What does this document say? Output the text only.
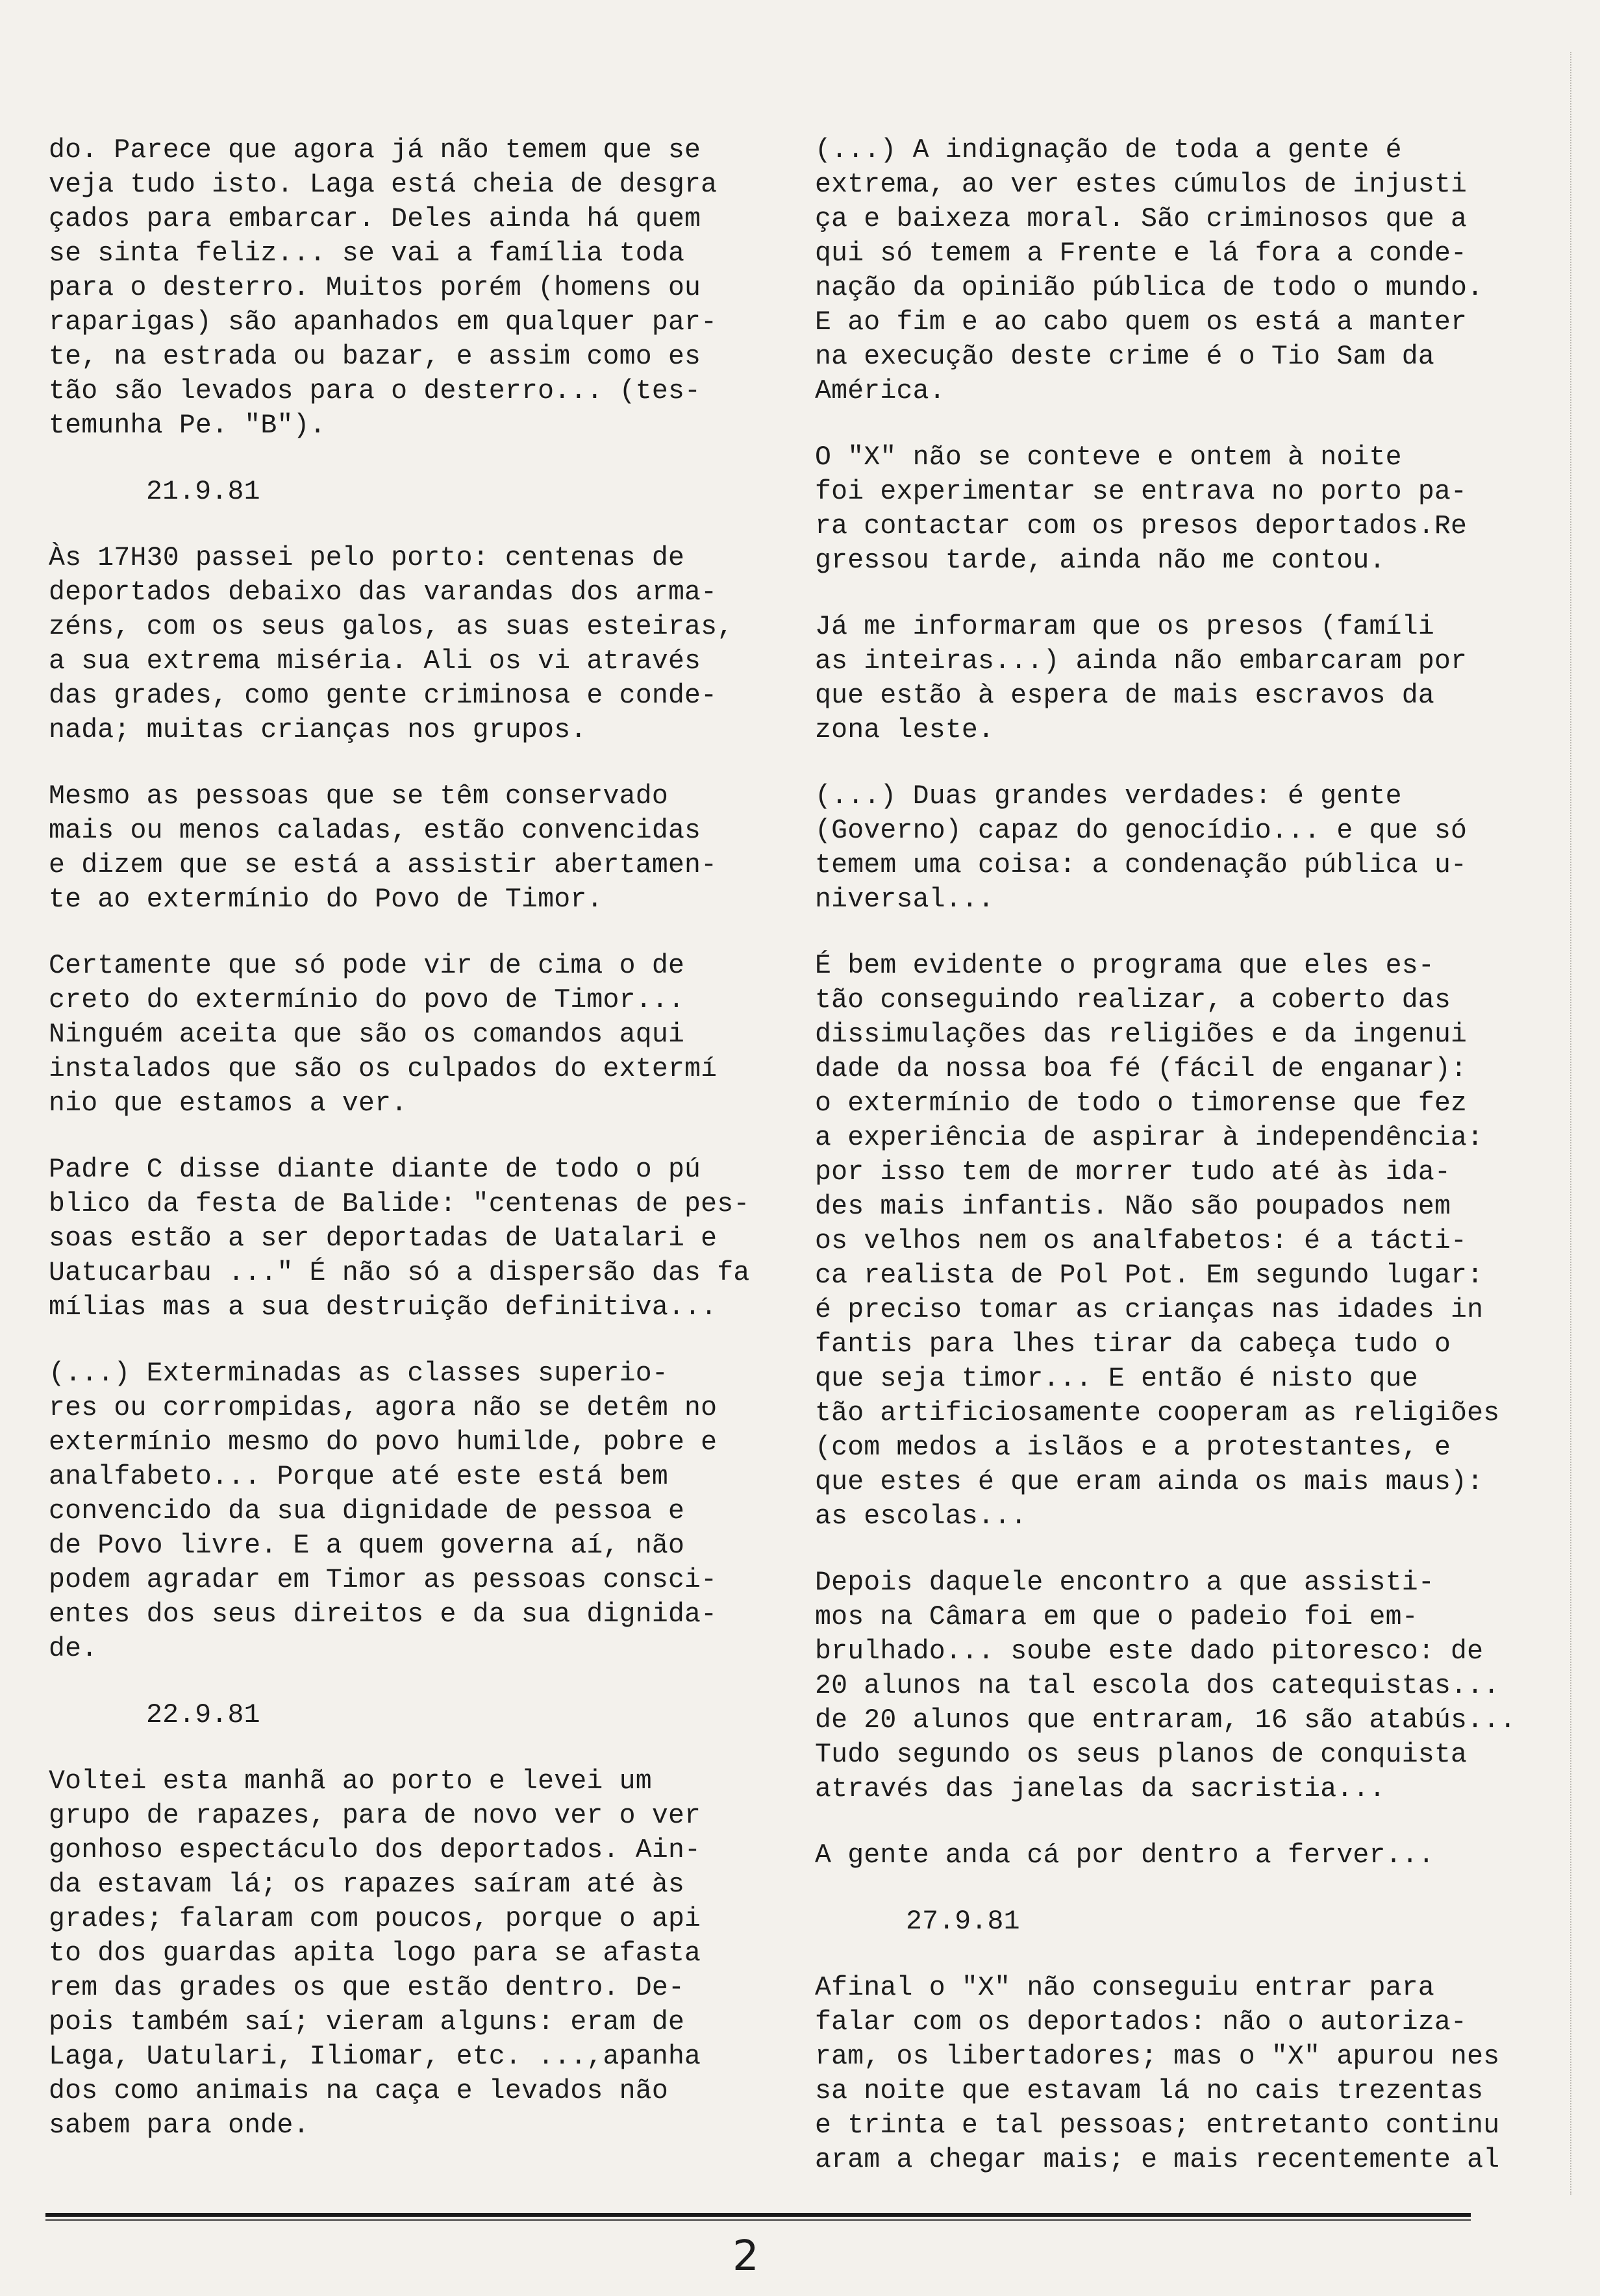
do. Parece que agora já não temem que se
veja tudo isto. Laga está cheia de desgra
çados para embarcar. Deles ainda há quem
se sinta feliz... se vai a família toda
para o desterro. Muitos porém (homens ou
raparigas) são apanhados em qualquer par-
te, na estrada ou bazar, e assim como es
tão são levados para o desterro... (tes-
temunha Pe. "B").

21.9.81

Às 17H30 passei pelo porto: centenas de
deportados debaixo das varandas dos arma-
zéns, com os seus galos, as suas esteiras,
a sua extrema miséria. Ali os vi através
das grades, como gente criminosa e conde-
nada; muitas crianças nos grupos.

Mesmo as pessoas que se têm conservado
mais ou menos caladas, estão convencidas
e dizem que se está a assistir abertamen-
te ao extermínio do Povo de Timor.

Certamente que só pode vir de cima o de
creto do extermínio do povo de Timor...
Ninguém aceita que são os comandos aqui
instalados que são os culpados do extermí
nio que estamos a ver.

Padre C disse diante diante de todo o pú
blico da festa de Balide: "centenas de pes-
soas estão a ser deportadas de Uatalari e
Uatucarbau ..." É não só a dispersão das fa
mílias mas a sua destruição definitiva...

(...) Exterminadas as classes superio-
res ou corrompidas, agora não se detêm no
extermínio mesmo do povo humilde, pobre e
analfabeto... Porque até este está bem
convencido da sua dignidade de pessoa e
de Povo livre. E a quem governa aí, não
podem agradar em Timor as pessoas consci-
entes dos seus direitos e da sua dignida-
de.

22.9.81

Voltei esta manhã ao porto e levei um
grupo de rapazes, para de novo ver o ver
gonhoso espectáculo dos deportados. Ain-
da estavam lá; os rapazes saíram até às
grades; falaram com poucos, porque o api
to dos guardas apita logo para se afasta
rem das grades os que estão dentro. De-
pois também saí; vieram alguns: eram de
Laga, Uatulari, Iliomar, etc. ...,apanha
dos como animais na caça e levados não
sabem para onde.

(...) A indignação de toda a gente é
extrema, ao ver estes cúmulos de injusti
ça e baixeza moral. São criminosos que a
qui só temem a Frente e lá fora a conde-
nação da opinião pública de todo o mundo.
E ao fim e ao cabo quem os está a manter
na execução deste crime é o Tio Sam da
América.

O "X" não se conteve e ontem à noite
foi experimentar se entrava no porto pa-
ra contactar com os presos deportados.Re
gressou tarde, ainda não me contou.

Já me informaram que os presos (famíli
as inteiras...) ainda não embarcaram por
que estão à espera de mais escravos da
zona leste.

(...) Duas grandes verdades: é gente
(Governo) capaz do genocídio... e que só
temem uma coisa: a condenação pública u-
niversal...

É bem evidente o programa que eles es-
tão conseguindo realizar, a coberto das
dissimulações das religiões e da ingenui
dade da nossa boa fé (fácil de enganar):
o extermínio de todo o timorense que fez
a experiência de aspirar à independência:
por isso tem de morrer tudo até às ida-
des mais infantis. Não são poupados nem
os velhos nem os analfabetos: é a tácti-
ca realista de Pol Pot. Em segundo lugar:
é preciso tomar as crianças nas idades in
fantis para lhes tirar da cabeça tudo o
que seja timor... E então é nisto que
tão artificiosamente cooperam as religiões
(com medos a islãos e a protestantes, e
que estes é que eram ainda os mais maus):
as escolas...

Depois daquele encontro a que assisti-
mos na Câmara em que o padeio foi em-
brulhado... soube este dado pitoresco: de
20 alunos na tal escola dos catequistas...
de 20 alunos que entraram, 16 são atabús...
Tudo segundo os seus planos de conquista
através das janelas da sacristia...

A gente anda cá por dentro a ferver...

27.9.81

Afinal o "X" não conseguiu entrar para
falar com os deportados: não o autoriza-
ram, os libertadores; mas o "X" apurou nes
sa noite que estavam lá no cais trezentas
e trinta e tal pessoas; entretanto continu
aram a chegar mais; e mais recentemente al

2
